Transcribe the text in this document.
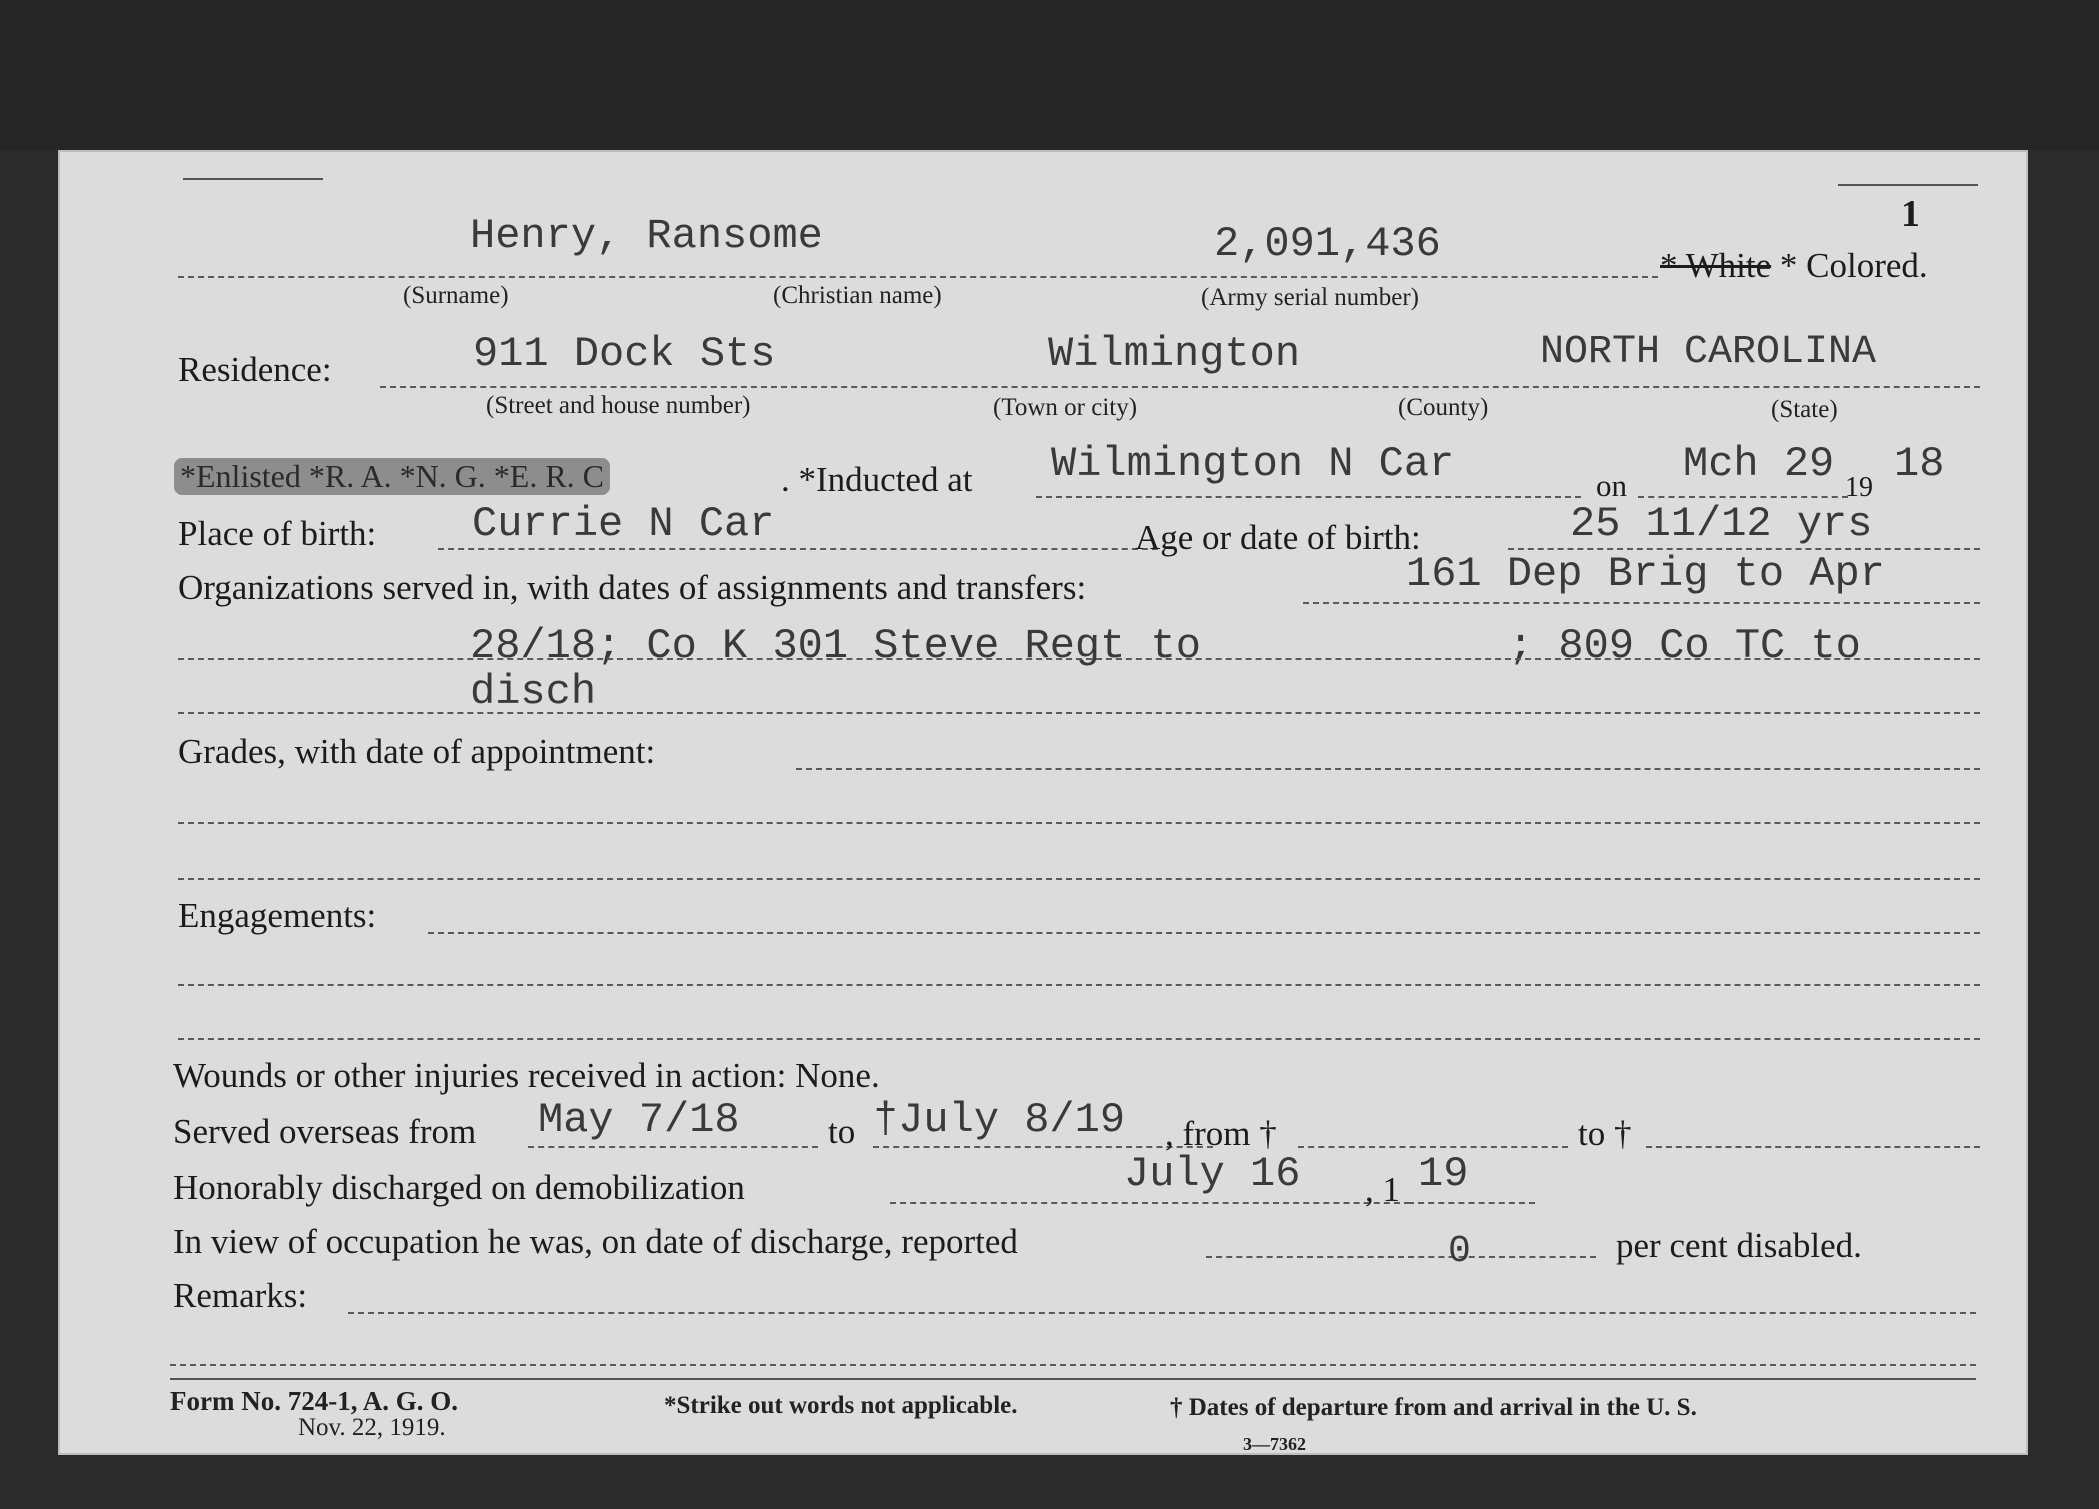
1
Henry, Ransome	2,091,436	* White * Colored.
(Surname)	(Christian name)	(Army serial number)
Residence:	911 Dock Sts	Wilmington	NORTH CAROLINA
(Street and house number)	(Town or city)	(County)	(State)
*Enlisted *R. A. *N. G. *E. R. C	. *Inducted at Wilmington N Car	on Mch 29 19 18
Place of birth: Currie N Car	Age or date of birth:	25 11/12 yrs
Organizations served in, with dates of assignments and transfers:	161 Dep Brig to Apr
28/18; Co K 301 Steve Regt to	; 809 Co TC to
disch
Grades, with date of appointment:
Engagements:
Wounds or other injuries received in action: None.
Served overseas from May 7/18	to †July 8/19 , from †	to †
Honorably discharged on demobilization	July 16 , 1 19
In view of occupation he was, on date of discharge, reported	0	per cent disabled.
Remarks:
Form No. 724-1, A. G. O.
Nov. 22, 1919.
*Strike out words not applicable.	† Dates of departure from and arrival in the U. S.
3—7362
